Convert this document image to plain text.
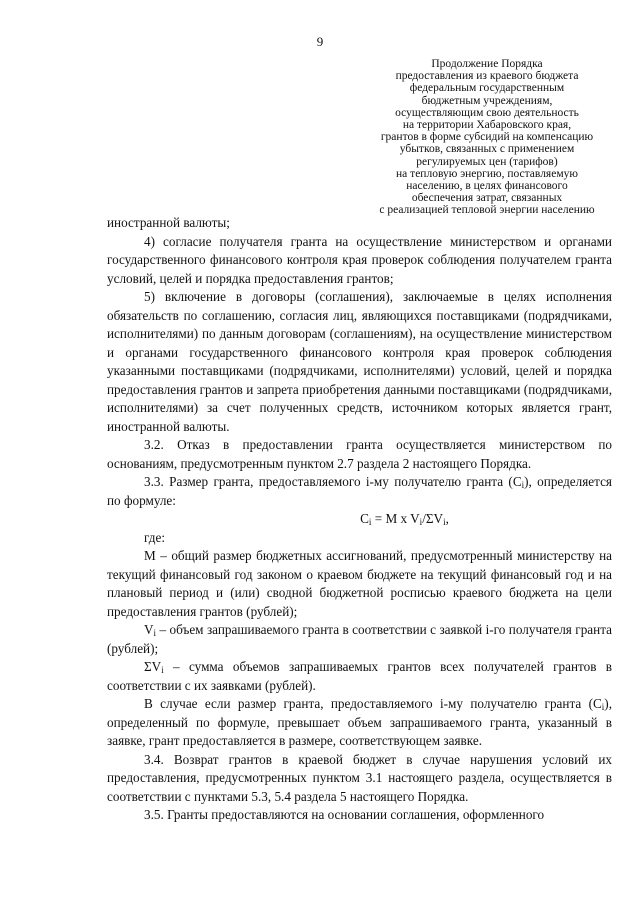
9
Продолжение Порядка
предоставления из краевого бюджета
федеральным государственным
бюджетным учреждениям,
осуществляющим свою деятельность
на территории Хабаровского края,
грантов в форме субсидий на компенсацию
убытков, связанных с применением
регулируемых цен (тарифов)
на тепловую энергию, поставляемую
населению, в целях финансового
обеспечения затрат, связанных
с реализацией тепловой энергии населению

иностранной валюты;

4) согласие получателя гранта на осуществление министерством и органами государственного финансового контроля края проверок соблюдения получателем гранта условий, целей и порядка предоставления грантов;

5) включение в договоры (соглашения), заключаемые в целях исполнения обязательств по соглашению, согласия лиц, являющихся поставщиками (подрядчиками, исполнителями) по данным договорам (соглашениям), на осуществление министерством и органами государственного финансового контроля края проверок соблюдения указанными поставщиками (подрядчиками, исполнителями) условий, целей и порядка предоставления грантов и запрета приобретения данными поставщиками (подрядчиками, исполнителями) за счет полученных средств, источником которых является грант, иностранной валюты.

3.2. Отказ в предоставлении гранта осуществляется министерством по основаниям, предусмотренным пунктом 2.7 раздела 2 настоящего Порядка.

3.3. Размер гранта, предоставляемого i-му получателю гранта $(C_i)$, определяется по формуле:

$C_i = M$ x $V_i/\Sigma V_i$,

где:

M – общий размер бюджетных ассигнований, предусмотренный министерству на текущий финансовый год законом о краевом бюджете на текущий финансовый год и на плановый период и (или) сводной бюджетной росписью краевого бюджета на цели предоставления грантов (рублей);

$V_i$ – объем запрашиваемого гранта в соответствии с заявкой i-го получателя гранта (рублей);

$\Sigma V_i$ – сумма объемов запрашиваемых грантов всех получателей грантов в соответствии с их заявками (рублей).

В случае если размер гранта, предоставляемого i-му получателю гранта $(C_i)$, определенный по формуле, превышает объем запрашиваемого гранта, указанный в заявке, грант предоставляется в размере, соответствующем заявке.

3.4. Возврат грантов в краевой бюджет в случае нарушения условий их предоставления, предусмотренных пунктом 3.1 настоящего раздела, осуществляется в соответствии с пунктами 5.3, 5.4 раздела 5 настоящего Порядка.

3.5. Гранты предоставляются на основании соглашения, оформленного
